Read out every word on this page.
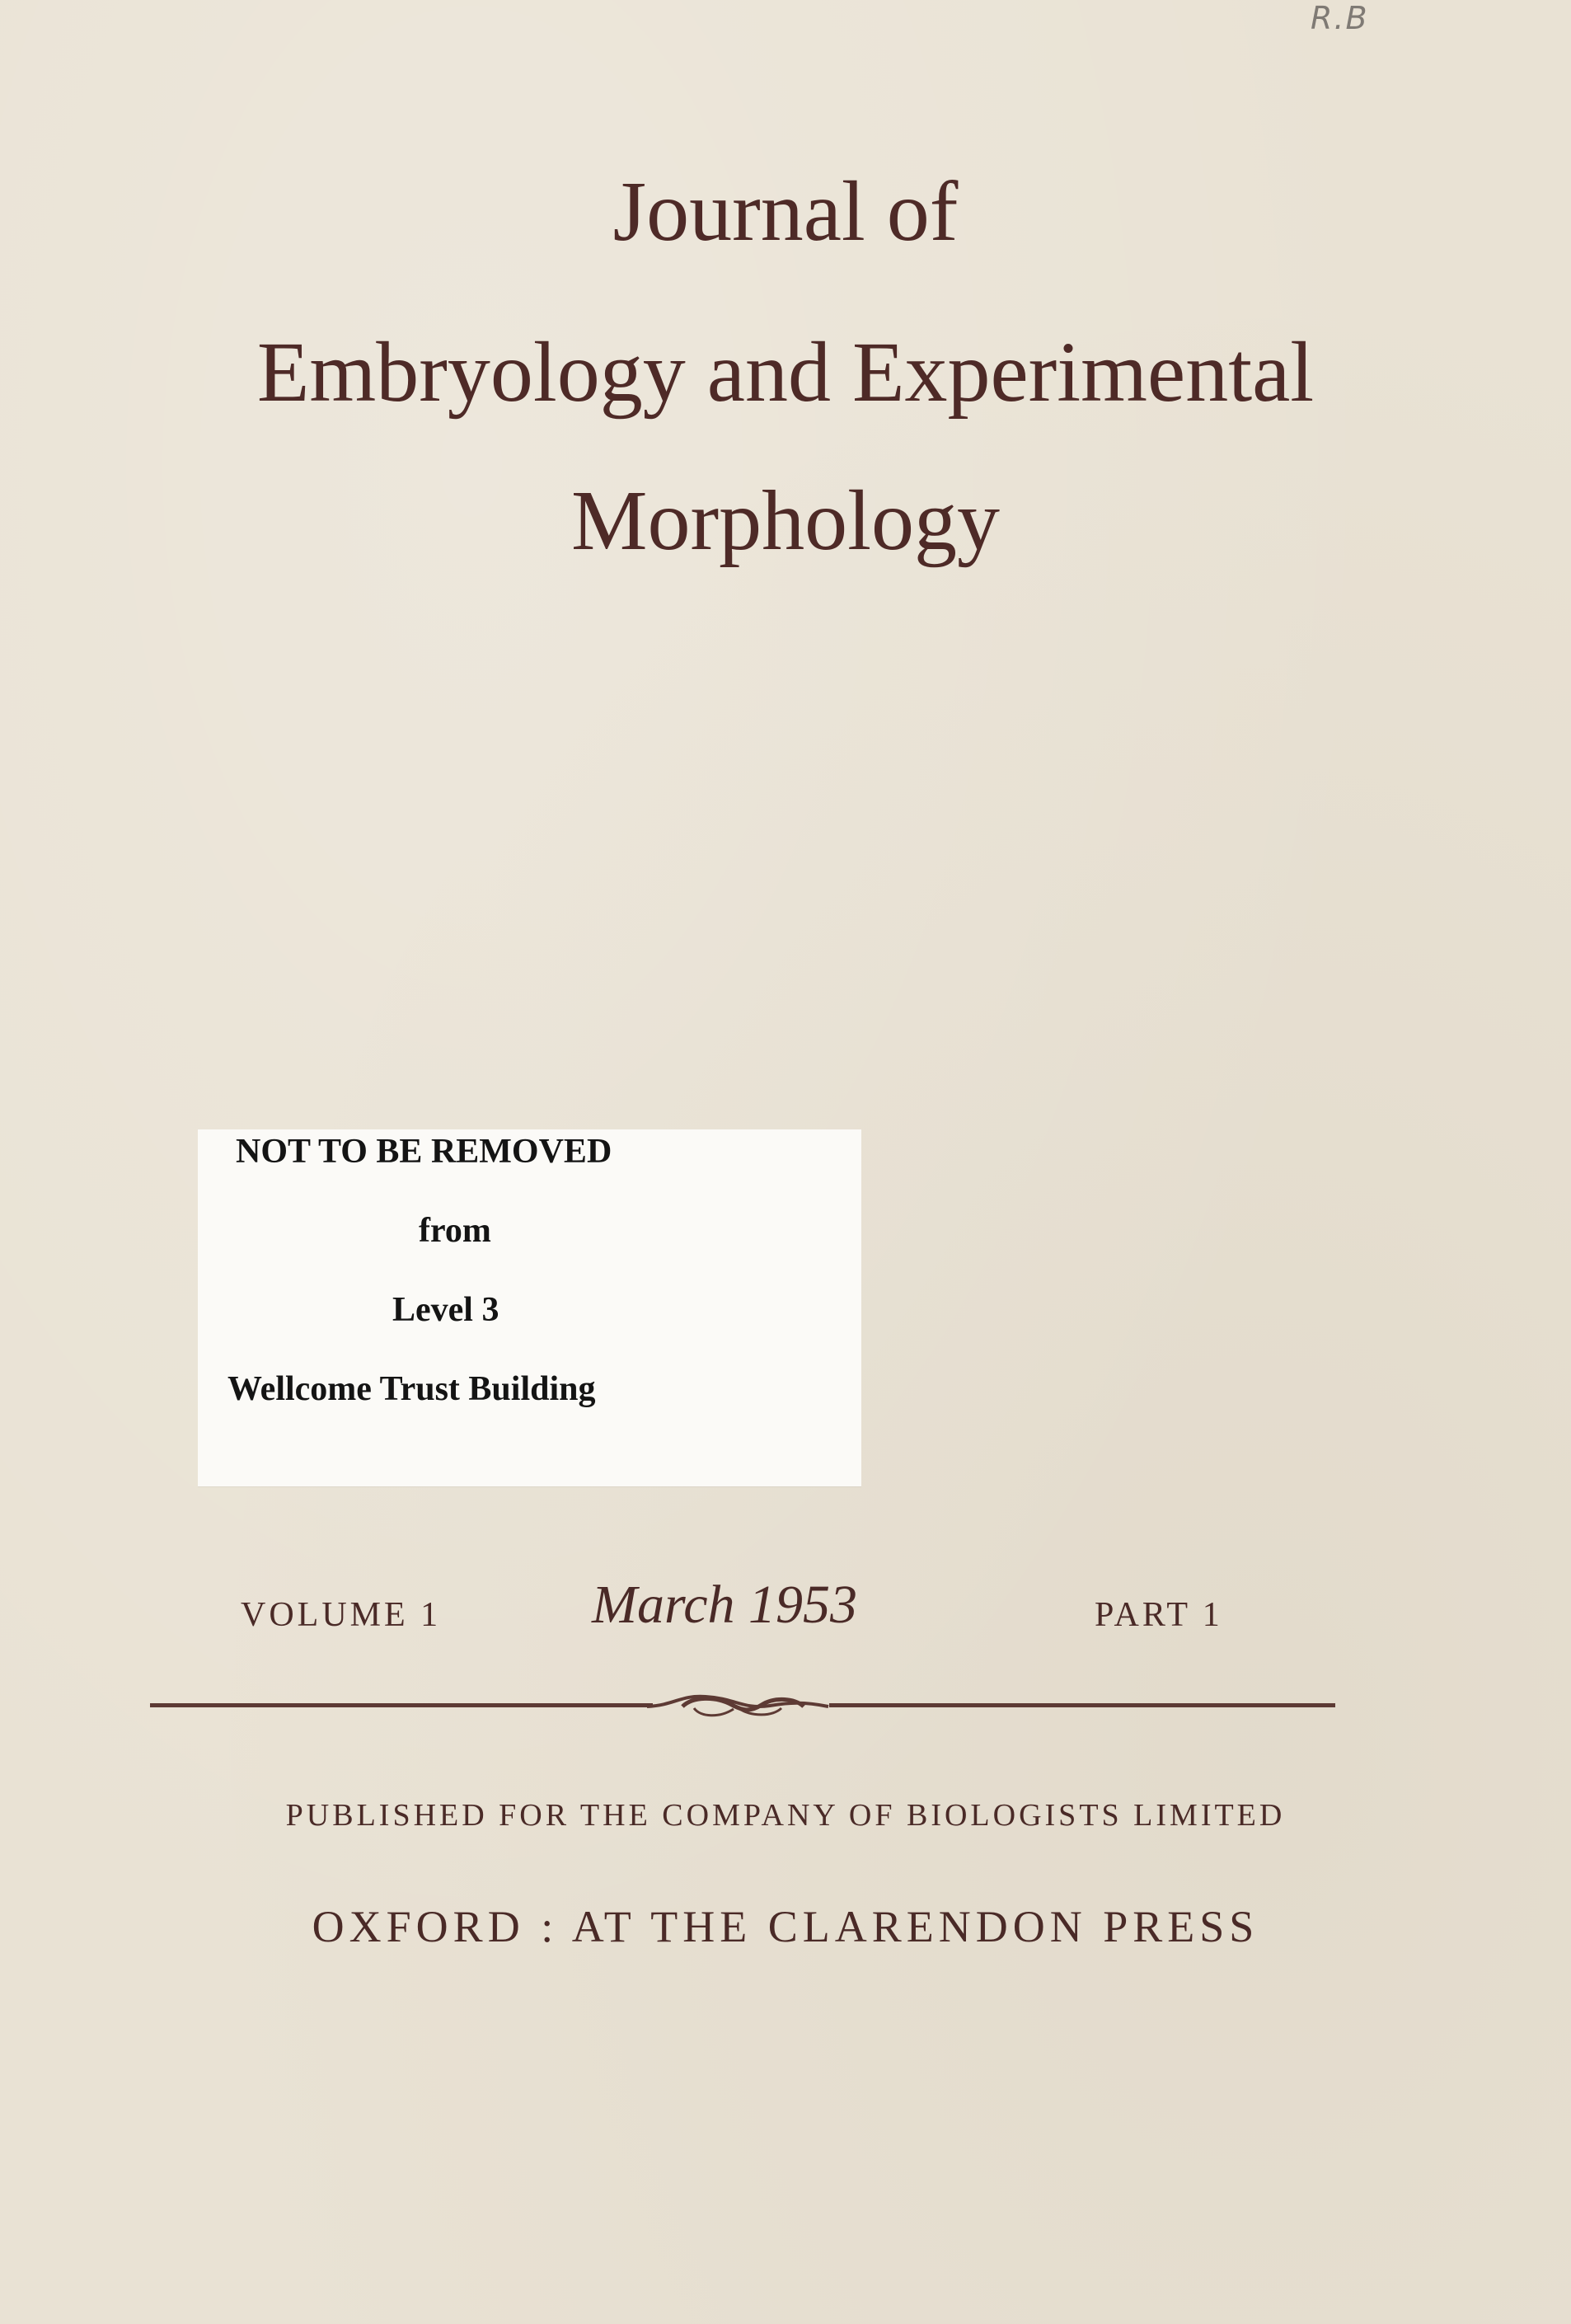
R.B
Journal of
Embryology and Experimental
Morphology
NOT TO BE REMOVED
from
Level 3
Wellcome Trust Building
VOLUME 1	March 1953	PART 1
PUBLISHED FOR THE COMPANY OF BIOLOGISTS LIMITED
OXFORD : AT THE CLARENDON PRESS
